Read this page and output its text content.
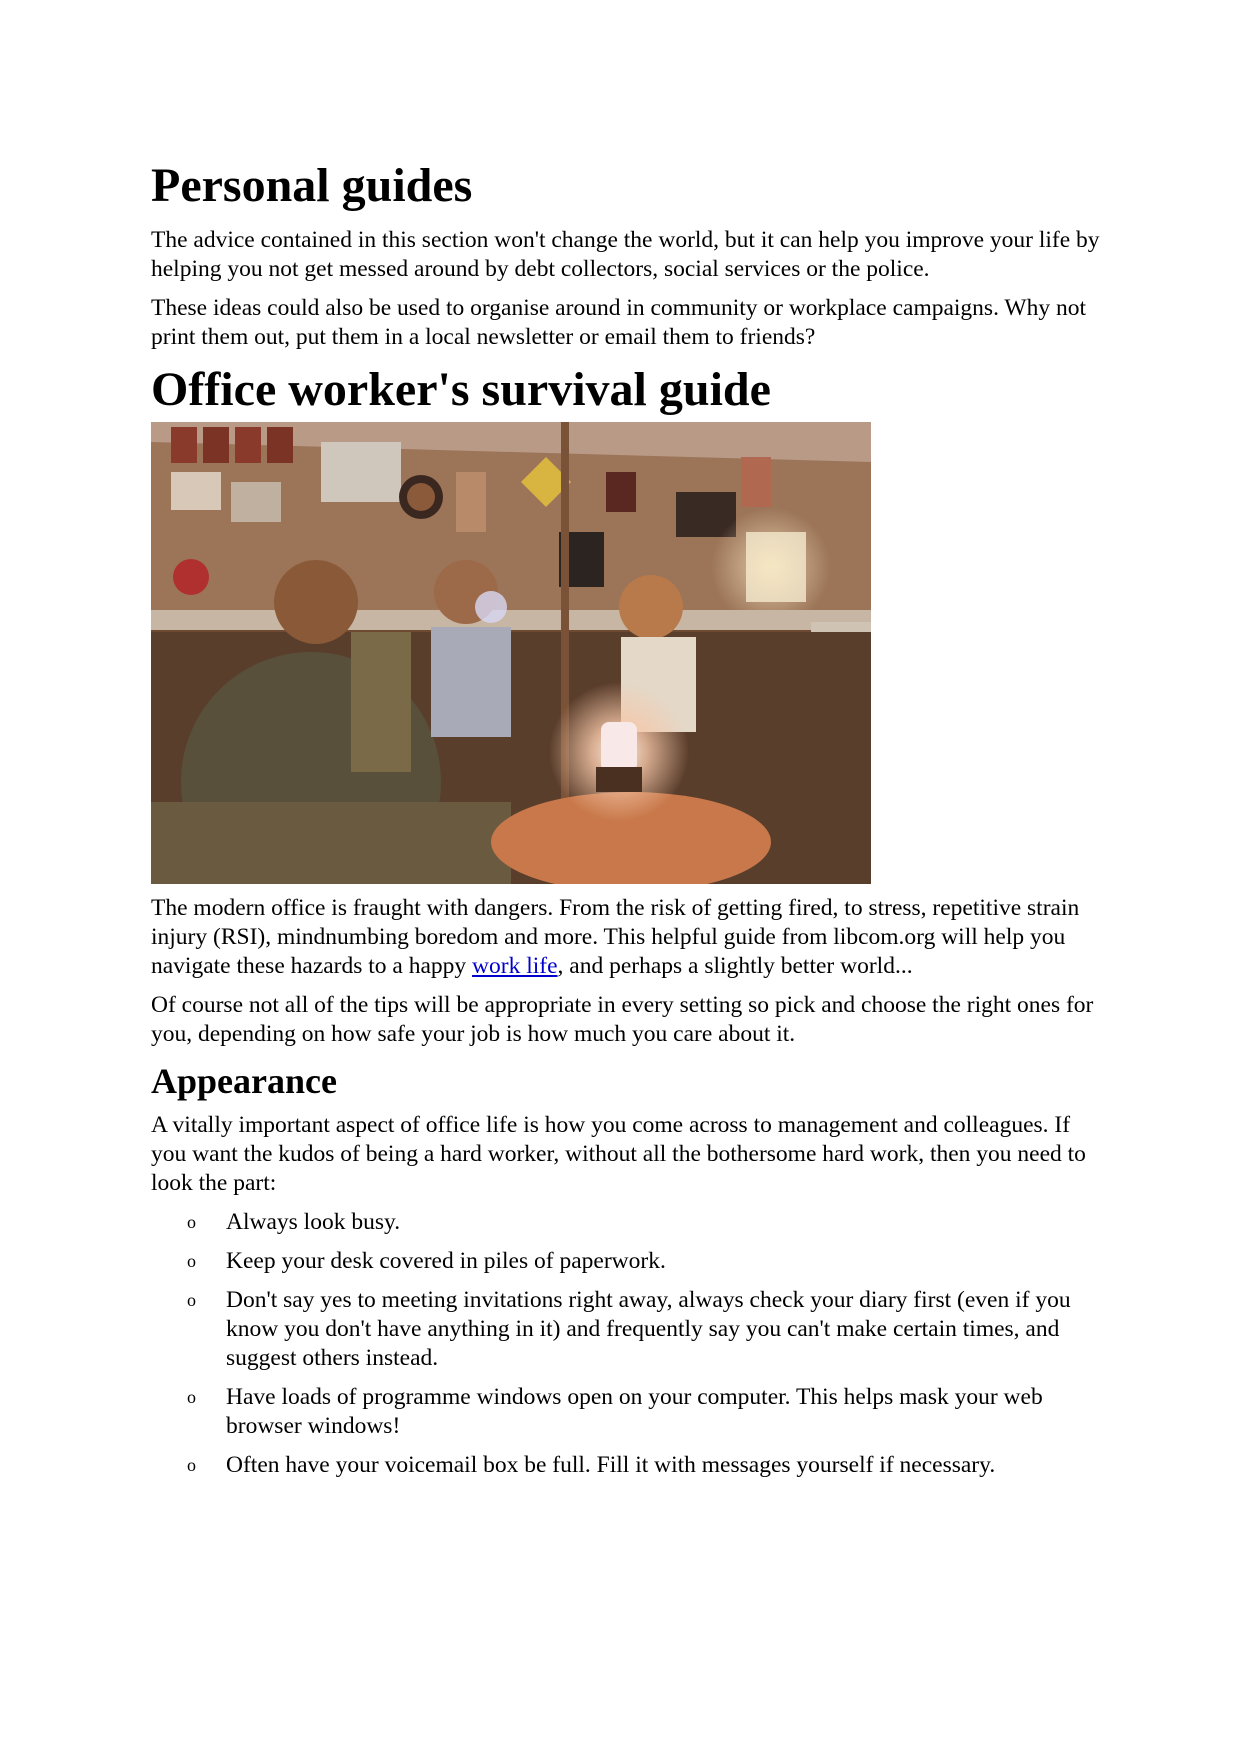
Personal guides

The advice contained in this section won't change the world, but it can help you improve your life by helping you not get messed around by debt collectors, social services or the police.

These ideas could also be used to organise around in community or workplace campaigns. Why not print them out, put them in a local newsletter or email them to friends?

Office worker's survival guide

The modern office is fraught with dangers. From the risk of getting fired, to stress, repetitive strain injury (RSI), mindnumbing boredom and more. This helpful guide from libcom.org will help you navigate these hazards to a happy work life, and perhaps a slightly better world...

Of course not all of the tips will be appropriate in every setting so pick and choose the right ones for you, depending on how safe your job is how much you care about it.

Appearance

A vitally important aspect of office life is how you come across to management and colleagues. If you want the kudos of being a hard worker, without all the bothersome hard work, then you need to look the part:

o Always look busy.
o Keep your desk covered in piles of paperwork.
o Don't say yes to meeting invitations right away, always check your diary first (even if you know you don't have anything in it) and frequently say you can't make certain times, and suggest others instead.
o Have loads of programme windows open on your computer. This helps mask your web browser windows!
o Often have your voicemail box be full. Fill it with messages yourself if necessary.
